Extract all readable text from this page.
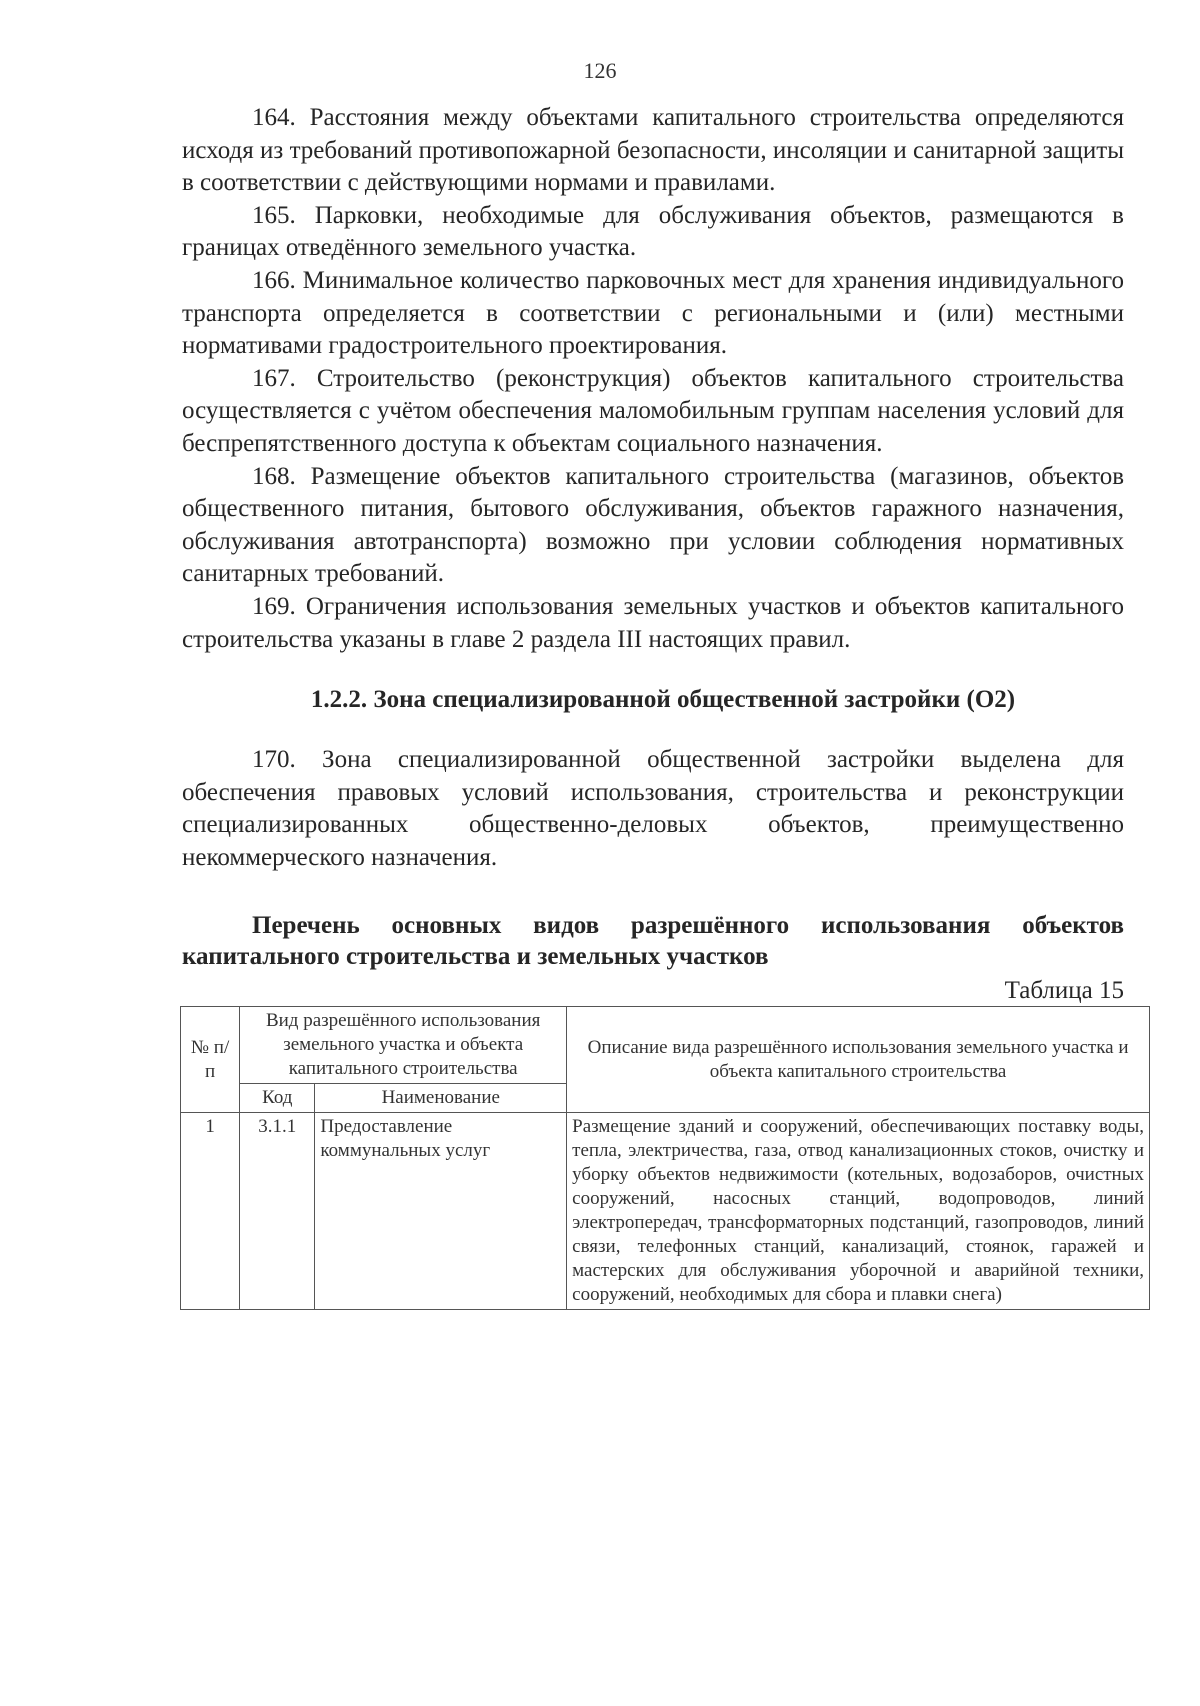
126

164. Расстояния между объектами капитального строительства определяются исходя из требований противопожарной безопасности, инсоляции и санитарной защиты в соответствии с действующими нормами и правилами.

165. Парковки, необходимые для обслуживания объектов, размещаются в границах отведённого земельного участка.

166. Минимальное количество парковочных мест для хранения индивидуального транспорта определяется в соответствии с региональными и (или) местными нормативами градостроительного проектирования.

167. Строительство (реконструкция) объектов капитального строительства осуществляется с учётом обеспечения маломобильным группам населения условий для беспрепятственного доступа к объектам социального назначения.

168. Размещение объектов капитального строительства (магазинов, объектов общественного питания, бытового обслуживания, объектов гаражного назначения, обслуживания автотранспорта) возможно при условии соблюдения нормативных санитарных требований.

169. Ограничения использования земельных участков и объектов капитального строительства указаны в главе 2 раздела III настоящих правил.

1.2.2. Зона специализированной общественной застройки (О2)

170. Зона специализированной общественной застройки выделена для обеспечения правовых условий использования, строительства и реконструкции специализированных общественно-деловых объектов, преимущественно некоммерческого назначения.

Перечень основных видов разрешённого использования объектов капитального строительства и земельных участков

Таблица 15

№ п/п	Вид разрешённого использования земельного участка и объекта капитального строительства		Описание вида разрешённого использования земельного участка и объекта капитального строительства
	Код	Наименование	
1	3.1.1	Предоставление коммунальных услуг	Размещение зданий и сооружений, обеспечивающих поставку воды, тепла, электричества, газа, отвод канализационных стоков, очистку и уборку объектов недвижимости (котельных, водозаборов, очистных сооружений, насосных станций, водопроводов, линий электропередач, трансформаторных подстанций, газопроводов, линий связи, телефонных станций, канализаций, стоянок, гаражей и мастерских для обслуживания уборочной и аварийной техники, сооружений, необходимых для сбора и плавки снега)
